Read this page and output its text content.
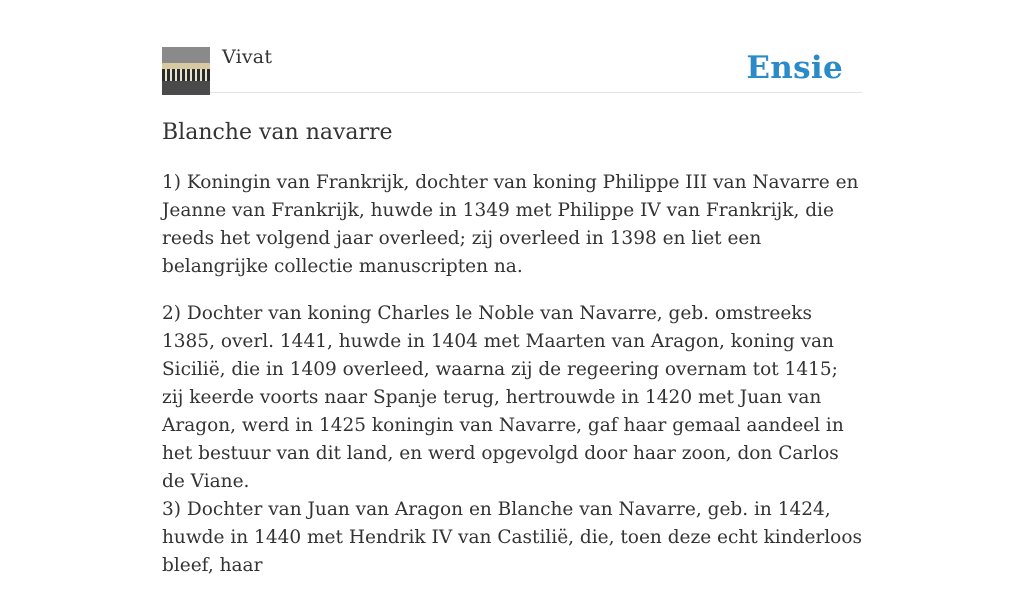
Vivat	Ensie
Blanche van navarre

1) Koningin van Frankrijk, dochter van koning Philippe III van Navarre en Jeanne van Frankrijk, huwde in 1349 met Philippe IV van Frankrijk, die reeds het volgend jaar overleed; zij overleed in 1398 en liet een belangrijke collectie manuscripten na.

2) Dochter van koning Charles le Noble van Navarre, geb. omstreeks 1385, overl. 1441, huwde in 1404 met Maarten van Aragon, koning van Sicilië, die in 1409 overleed, waarna zij de regeering overnam tot 1415; zij keerde voorts naar Spanje terug, hertrouwde in 1420 met Juan van Aragon, werd in 1425 koningin van Navarre, gaf haar gemaal aandeel in het bestuur van dit land, en werd opgevolgd door haar zoon, don Carlos de Viane.

3) Dochter van Juan van Aragon en Blanche van Navarre, geb. in 1424, huwde in 1440 met Hendrik IV van Castilië, die, toen deze echt kinderloos bleef, haar
